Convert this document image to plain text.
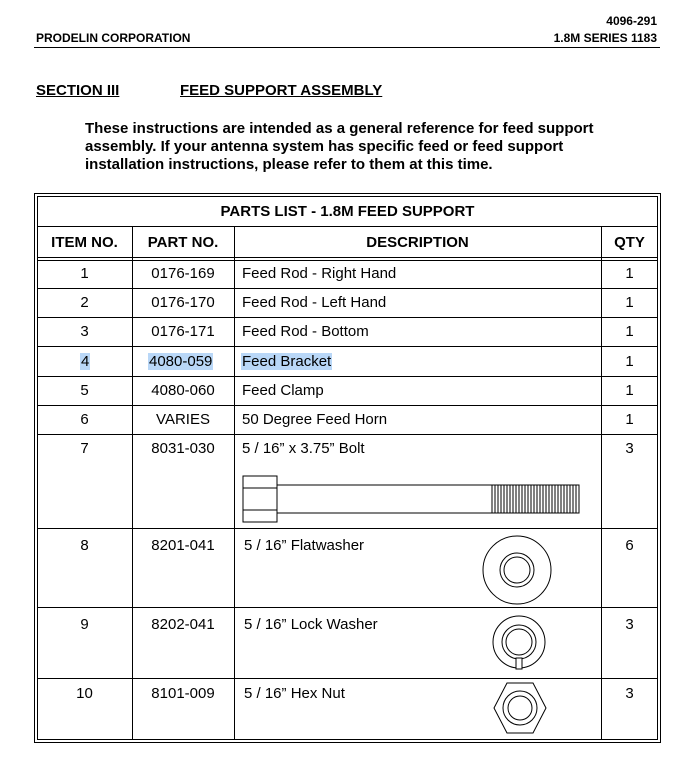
4096-291
PRODELIN CORPORATION	1.8M SERIES 1183
SECTION III	FEED SUPPORT ASSEMBLY
These instructions are intended as a general reference for feed support
assembly. If your antenna system has specific feed or feed support
installation instructions, please refer to them at this time.
PARTS LIST - 1.8M FEED SUPPORT
ITEM NO.	PART NO.	DESCRIPTION	QTY
1	0176-169	Feed Rod - Right Hand	1
2	0176-170	Feed Rod - Left Hand	1
3	0176-171	Feed Rod - Bottom	1
4	4080-059 Feed Bracket	1
5	4080-060	Feed Clamp	1
6	VARIES	50 Degree Feed Horn	1
7	8031-030	5 / 16” x 3.75” Bolt	3
8	8201-041	5 / 16” Flatwasher	6
9	8202-041	5 / 16” Lock Washer	3
10	8101-009	5 / 16” Hex Nut	3
